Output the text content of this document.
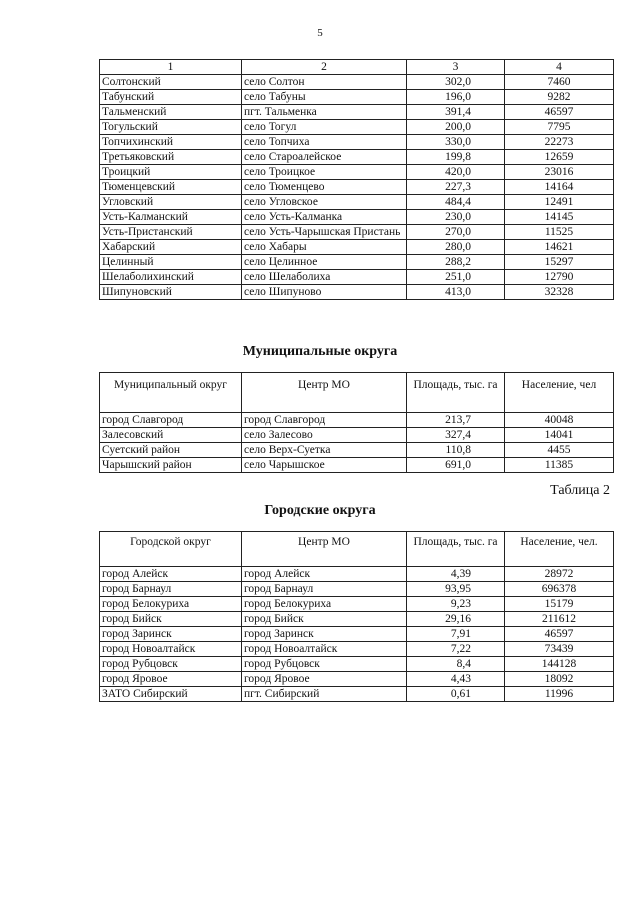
5
1	2	3	4
Солтонский	село Солтон	302,0	7460
Табунский	село Табуны	196,0	9282
Тальменский	пгт. Тальменка	391,4	46597
Тогульский	село Тогул	200,0	7795
Топчихинский	село Топчиха	330,0	22273
Третьяковский	село Староалейское	199,8	12659
Троицкий	село Троицкое	420,0	23016
Тюменцевский	село Тюменцево	227,3	14164
Угловский	село Угловское	484,4	12491
Усть-Калманский	село Усть-Калманка	230,0	14145
Усть-Пристанский	село Усть-Чарышская Пристань	270,0	11525
Хабарский	село Хабары	280,0	14621
Целинный	село Целинное	288,2	15297
Шелаболихинский	село Шелаболиха	251,0	12790
Шипуновский	село Шипуново	413,0	32328
Муниципальные округа
Муниципальный округ	Центр МО	Площадь, тыс. га	Население, чел
город Славгород	город Славгород	213,7	40048
Залесовский	село Залесово	327,4	14041
Суетский район	село Верх-Суетка	110,8	4455
Чарышский район	село Чарышское	691,0	11385
Таблица 2
Городские округа
Городской округ	Центр МО	Площадь, тыс. га	Население, чел.
город Алейск	город Алейск	4,39	28972
город Барнаул	город Барнаул	93,95	696378
город Белокуриха	город Белокуриха	9,23	15179
город Бийск	город Бийск	29,16	211612
город Заринск	город Заринск	7,91	46597
город Новоалтайск	город Новоалтайск	7,22	73439
город Рубцовск	город Рубцовск	8,4	144128
город Яровое	город Яровое	4,43	18092
ЗАТО Сибирский	пгт. Сибирский	0,61	11996
